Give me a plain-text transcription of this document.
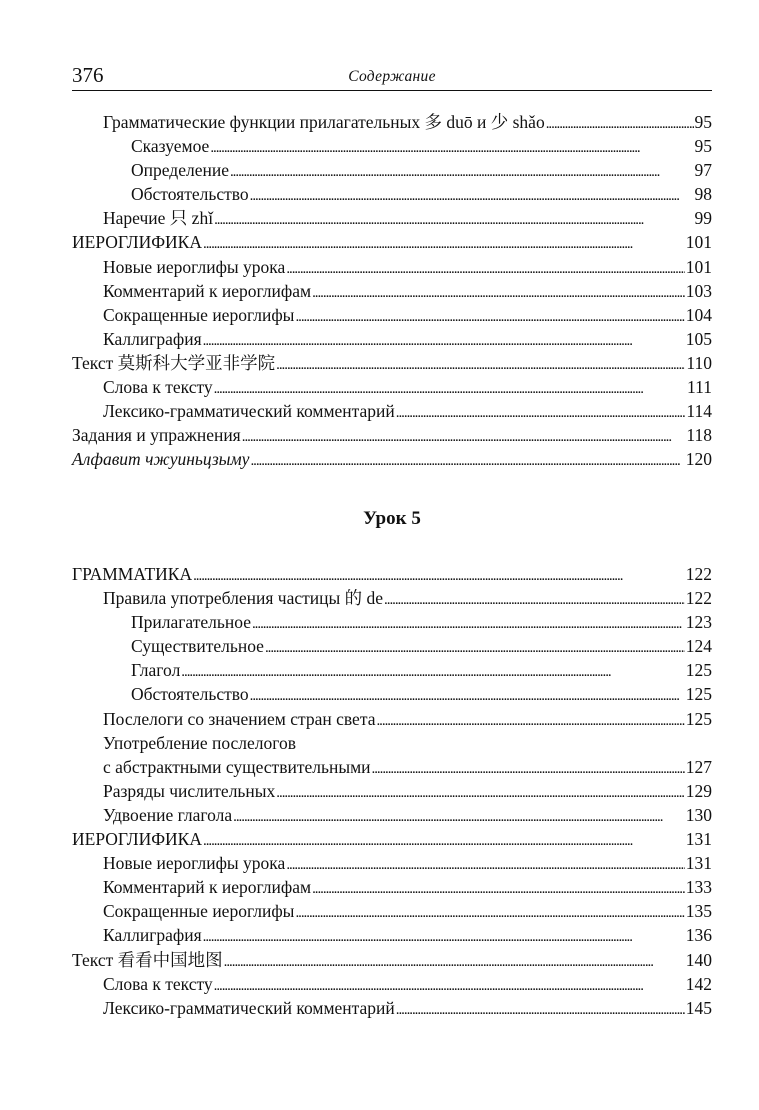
376	Содержание
Грамматические функции прилагательных 多 duō и 少 shǎo . . .	95
Сказуемое . . .	95
Определение . . .	97
Обстоятельство . . .	98
Наречие 只 zhǐ . . .	99
ИЕРОГЛИФИКА . . .	101
Новые иероглифы урока . . .	101
Комментарий к иероглифам . . .	103
Сокращенные иероглифы . . .	104
Каллиграфия . . .	105
Текст 莫斯科大学亚非学院 . . .	110
Слова к тексту . . .	111
Лексико-грамматический комментарий . . .	114
Задания и упражнения . . .	118
Алфавит чжуиньцзыму . . .	120
Урок 5
ГРАММАТИКА . . .	122
Правила употребления частицы 的 de . . .	122
Прилагательное . . .	123
Существительное . . .	124
Глагол . . .	125
Обстоятельство . . .	125
Послелоги со значением стран света . . .	125
Употребление послелогов
с абстрактными существительными . . .	127
Разряды числительных . . .	129
Удвоение глагола . . .	130
ИЕРОГЛИФИКА . . .	131
Новые иероглифы урока . . .	131
Комментарий к иероглифам . . .	133
Сокращенные иероглифы . . .	135
Каллиграфия . . .	136
Текст 看看中国地图 . . .	140
Слова к тексту . . .	142
Лексико-грамматический комментарий . . .	145
